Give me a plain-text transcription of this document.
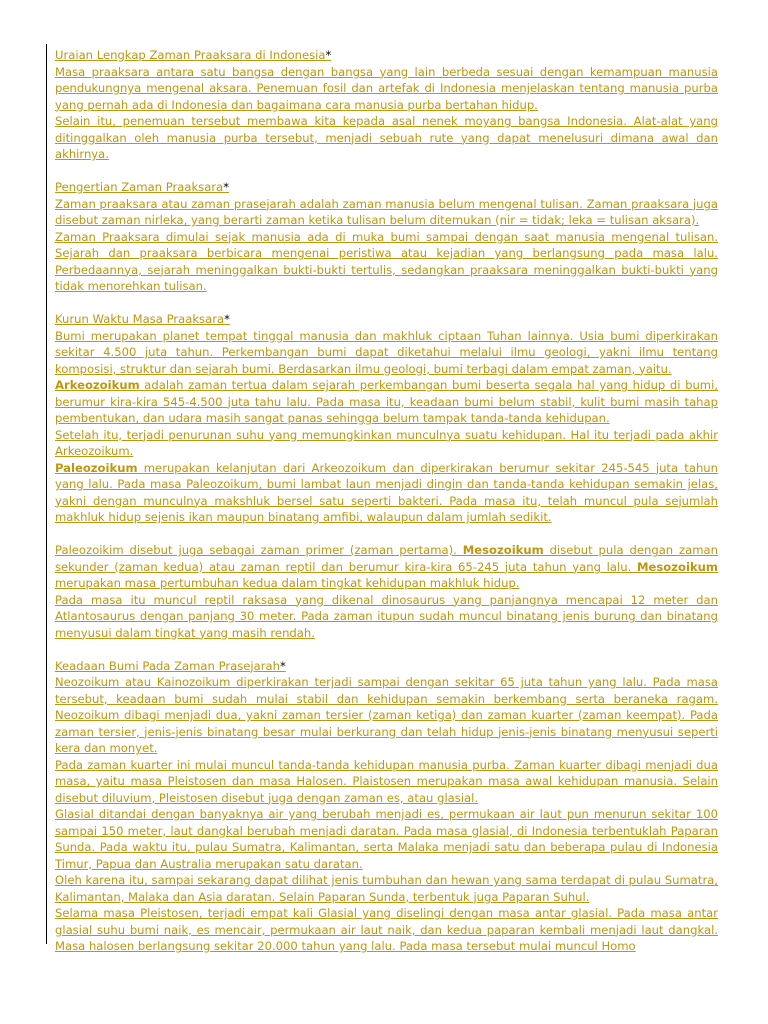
Uraian Lengkap Zaman Praaksara di Indonesia*

Masa praaksara antara satu bangsa dengan bangsa yang lain berbeda sesuai dengan kemampuan manusia pendukungnya mengenal aksara. Penemuan fosil dan artefak di Indonesia menjelaskan tentang manusia purba yang pernah ada di Indonesia dan bagaimana cara manusia purba bertahan hidup.

Selain itu, penemuan tersebut membawa kita kepada asal nenek moyang bangsa Indonesia. Alat-alat yang ditinggalkan oleh manusia purba tersebut, menjadi sebuah rute yang dapat menelusuri dimana awal dan akhirnya.

Pengertian Zaman Praaksara*

Zaman praaksara atau zaman prasejarah adalah zaman manusia belum mengenal tulisan. Zaman praaksara juga disebut zaman nirleka, yang berarti zaman ketika tulisan belum ditemukan (nir = tidak; leka = tulisan aksara).

Zaman Praaksara dimulai sejak manusia ada di muka bumi sampai dengan saat manusia mengenal tulisan. Sejarah dan praaksara berbicara mengenai peristiwa atau kejadian yang berlangsung pada masa lalu. Perbedaannya, sejarah meninggalkan bukti-bukti tertulis, sedangkan praaksara meninggalkan bukti-bukti yang tidak menorehkan tulisan.

Kurun Waktu Masa Praaksara*

Bumi merupakan planet tempat tinggal manusia dan makhluk ciptaan Tuhan lainnya. Usia bumi diperkirakan sekitar 4.500 juta tahun. Perkembangan bumi dapat diketahui melalui ilmu geologi, yakni ilmu tentang komposisi, struktur dan sejarah bumi. Berdasarkan ilmu geologi, bumi terbagi dalam empat zaman, yaitu.

Arkeozoikum adalah zaman tertua dalam sejarah perkembangan bumi beserta segala hal yang hidup di bumi, berumur kira-kira 545-4.500 juta tahu lalu. Pada masa itu, keadaan bumi belum stabil, kulit bumi masih tahap pembentukan, dan udara masih sangat panas sehingga belum tampak tanda-tanda kehidupan.

Setelah itu, terjadi penurunan suhu yang memungkinkan munculnya suatu kehidupan. Hal itu terjadi pada akhir Arkeozoikum.

Paleozoikum merupakan kelanjutan dari Arkeozoikum dan diperkirakan berumur sekitar 245-545 juta tahun yang lalu. Pada masa Paleozoikum, bumi lambat laun menjadi dingin dan tanda-tanda kehidupan semakin jelas, yakni dengan munculnya makshluk bersel satu seperti bakteri. Pada masa itu, telah muncul pula sejumlah makhluk hidup sejenis ikan maupun binatang amfibi, walaupun dalam jumlah sedikit.

Paleozoikim disebut juga sebagai zaman primer (zaman pertama). Mesozoikum disebut pula dengan zaman sekunder (zaman kedua) atau zaman reptil dan berumur kira-kira 65-245 juta tahun yang lalu. Mesozoikum merupakan masa pertumbuhan kedua dalam tingkat kehidupan makhluk hidup.

Pada masa itu muncul reptil raksasa yang dikenal dinosaurus yang panjangnya mencapai 12 meter dan Atlantosaurus dengan panjang 30 meter. Pada zaman itupun sudah muncul binatang jenis burung dan binatang menyusui dalam tingkat yang masih rendah.

Keadaan Bumi Pada Zaman Prasejarah*

Neozoikum atau Kainozoikum diperkirakan terjadi sampai dengan sekitar 65 juta tahun yang lalu. Pada masa tersebut, keadaan bumi sudah mulai stabil dan kehidupan semakin berkembang serta beraneka ragam. Neozoikum dibagi menjadi dua, yakni zaman tersier (zaman ketiga) dan zaman kuarter (zaman keempat). Pada zaman tersier, jenis-jenis binatang besar mulai berkurang dan telah hidup jenis-jenis binatang menyusui seperti kera dan monyet.

Pada zaman kuarter ini mulai muncul tanda-tanda kehidupan manusia purba. Zaman kuarter dibagi menjadi dua masa, yaitu masa Pleistosen dan masa Halosen. Plaistosen merupakan masa awal kehidupan manusia. Selain disebut diluvium, Pleistosen disebut juga dengan zaman es, atau glasial.

Glasial ditandai dengan banyaknya air yang berubah menjadi es, permukaan air laut pun menurun sekitar 100 sampai 150 meter, laut dangkal berubah menjadi daratan. Pada masa glasial, di Indonesia terbentuklah Paparan Sunda. Pada waktu itu, pulau Sumatra, Kalimantan, serta Malaka menjadi satu dan beberapa pulau di Indonesia Timur, Papua dan Australia merupakan satu daratan.

Oleh karena itu, sampai sekarang dapat dilihat jenis tumbuhan dan hewan yang sama terdapat di pulau Sumatra, Kalimantan, Malaka dan Asia daratan. Selain Paparan Sunda, terbentuk juga Paparan Suhul.

Selama masa Pleistosen, terjadi empat kali Glasial yang diselingi dengan masa antar glasial. Pada masa antar glasial suhu bumi naik, es mencair, permukaan air laut naik, dan kedua paparan kembali menjadi laut dangkal. Masa halosen berlangsung sekitar 20.000 tahun yang lalu. Pada masa tersebut mulai muncul Homo
